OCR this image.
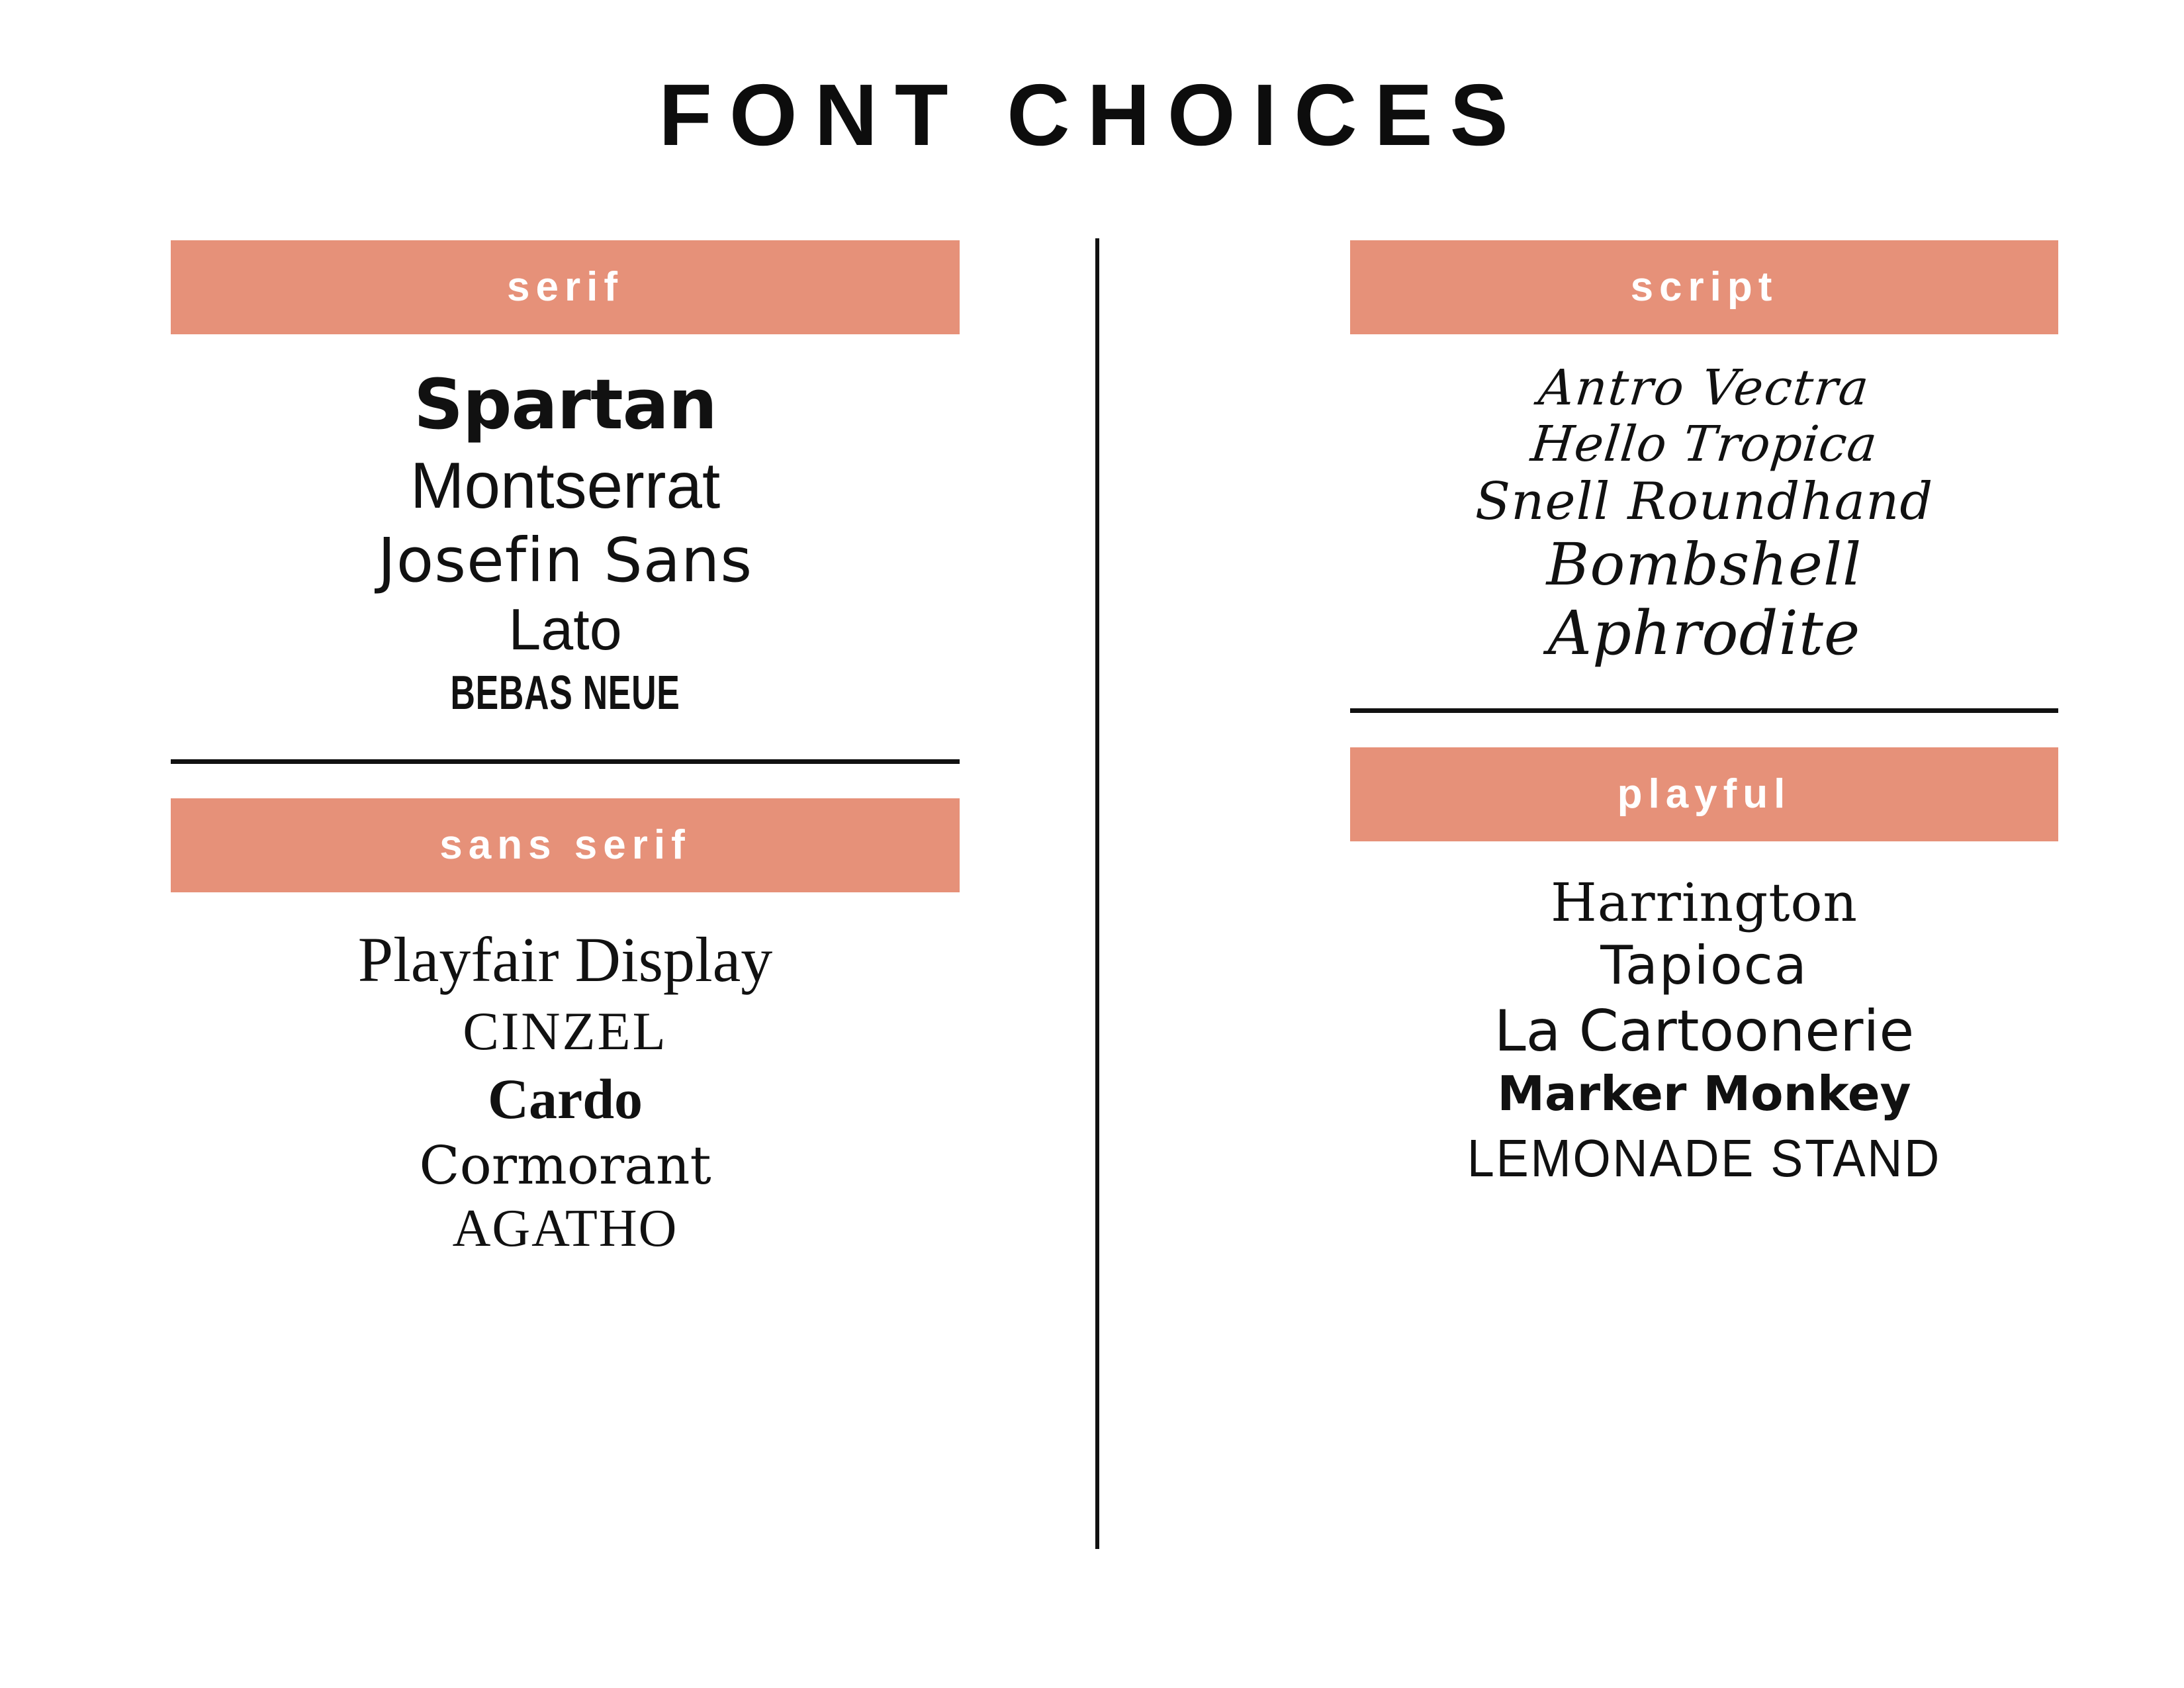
FONT CHOICES
serif
Spartan
Montserrat
Josefin Sans
Lato
BEBAS NEUE
sans serif
Playfair Display
CINZEL
Cardo
Cormorant
AGATHO
script
Antro Vectra
Hello Tropica
Snell Roundhand
Bombshell
Aphrodite
playful
Harrington
Tapioca
La Cartoonerie
Marker Monkey
LEMONADE STAND
